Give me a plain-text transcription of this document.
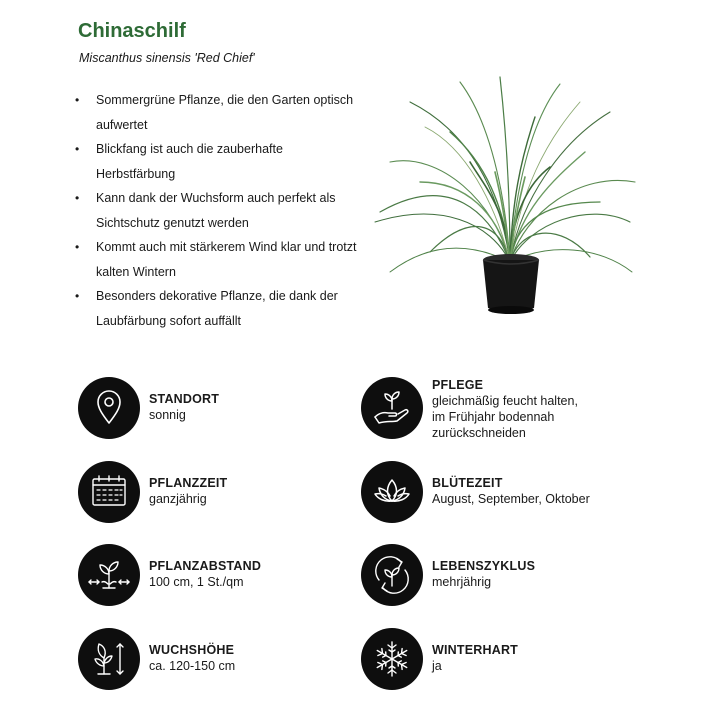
Chinaschilf
Miscanthus sinensis 'Red Chief'
• Sommergrüne Pflanze, die den Garten optisch aufwertet
• Blickfang ist auch die zauberhafte Herbstfärbung
• Kann dank der Wuchsform auch perfekt als Sichtschutz genutzt werden
• Kommt auch mit stärkerem Wind klar und trotzt kalten Wintern
• Besonders dekorative Pflanze, die dank der Laubfärbung sofort auffällt
STANDORT
sonnig
PFLEGE
gleichmäßig feucht halten,
im Frühjahr bodennah
zurückschneiden
PFLANZZEIT
ganzjährig
BLÜTEZEIT
August, September, Oktober
PFLANZABSTAND
100 cm, 1 St./qm
LEBENSZYKLUS
mehrjährig
WUCHSHÖHE
ca. 120-150 cm
WINTERHART
ja
